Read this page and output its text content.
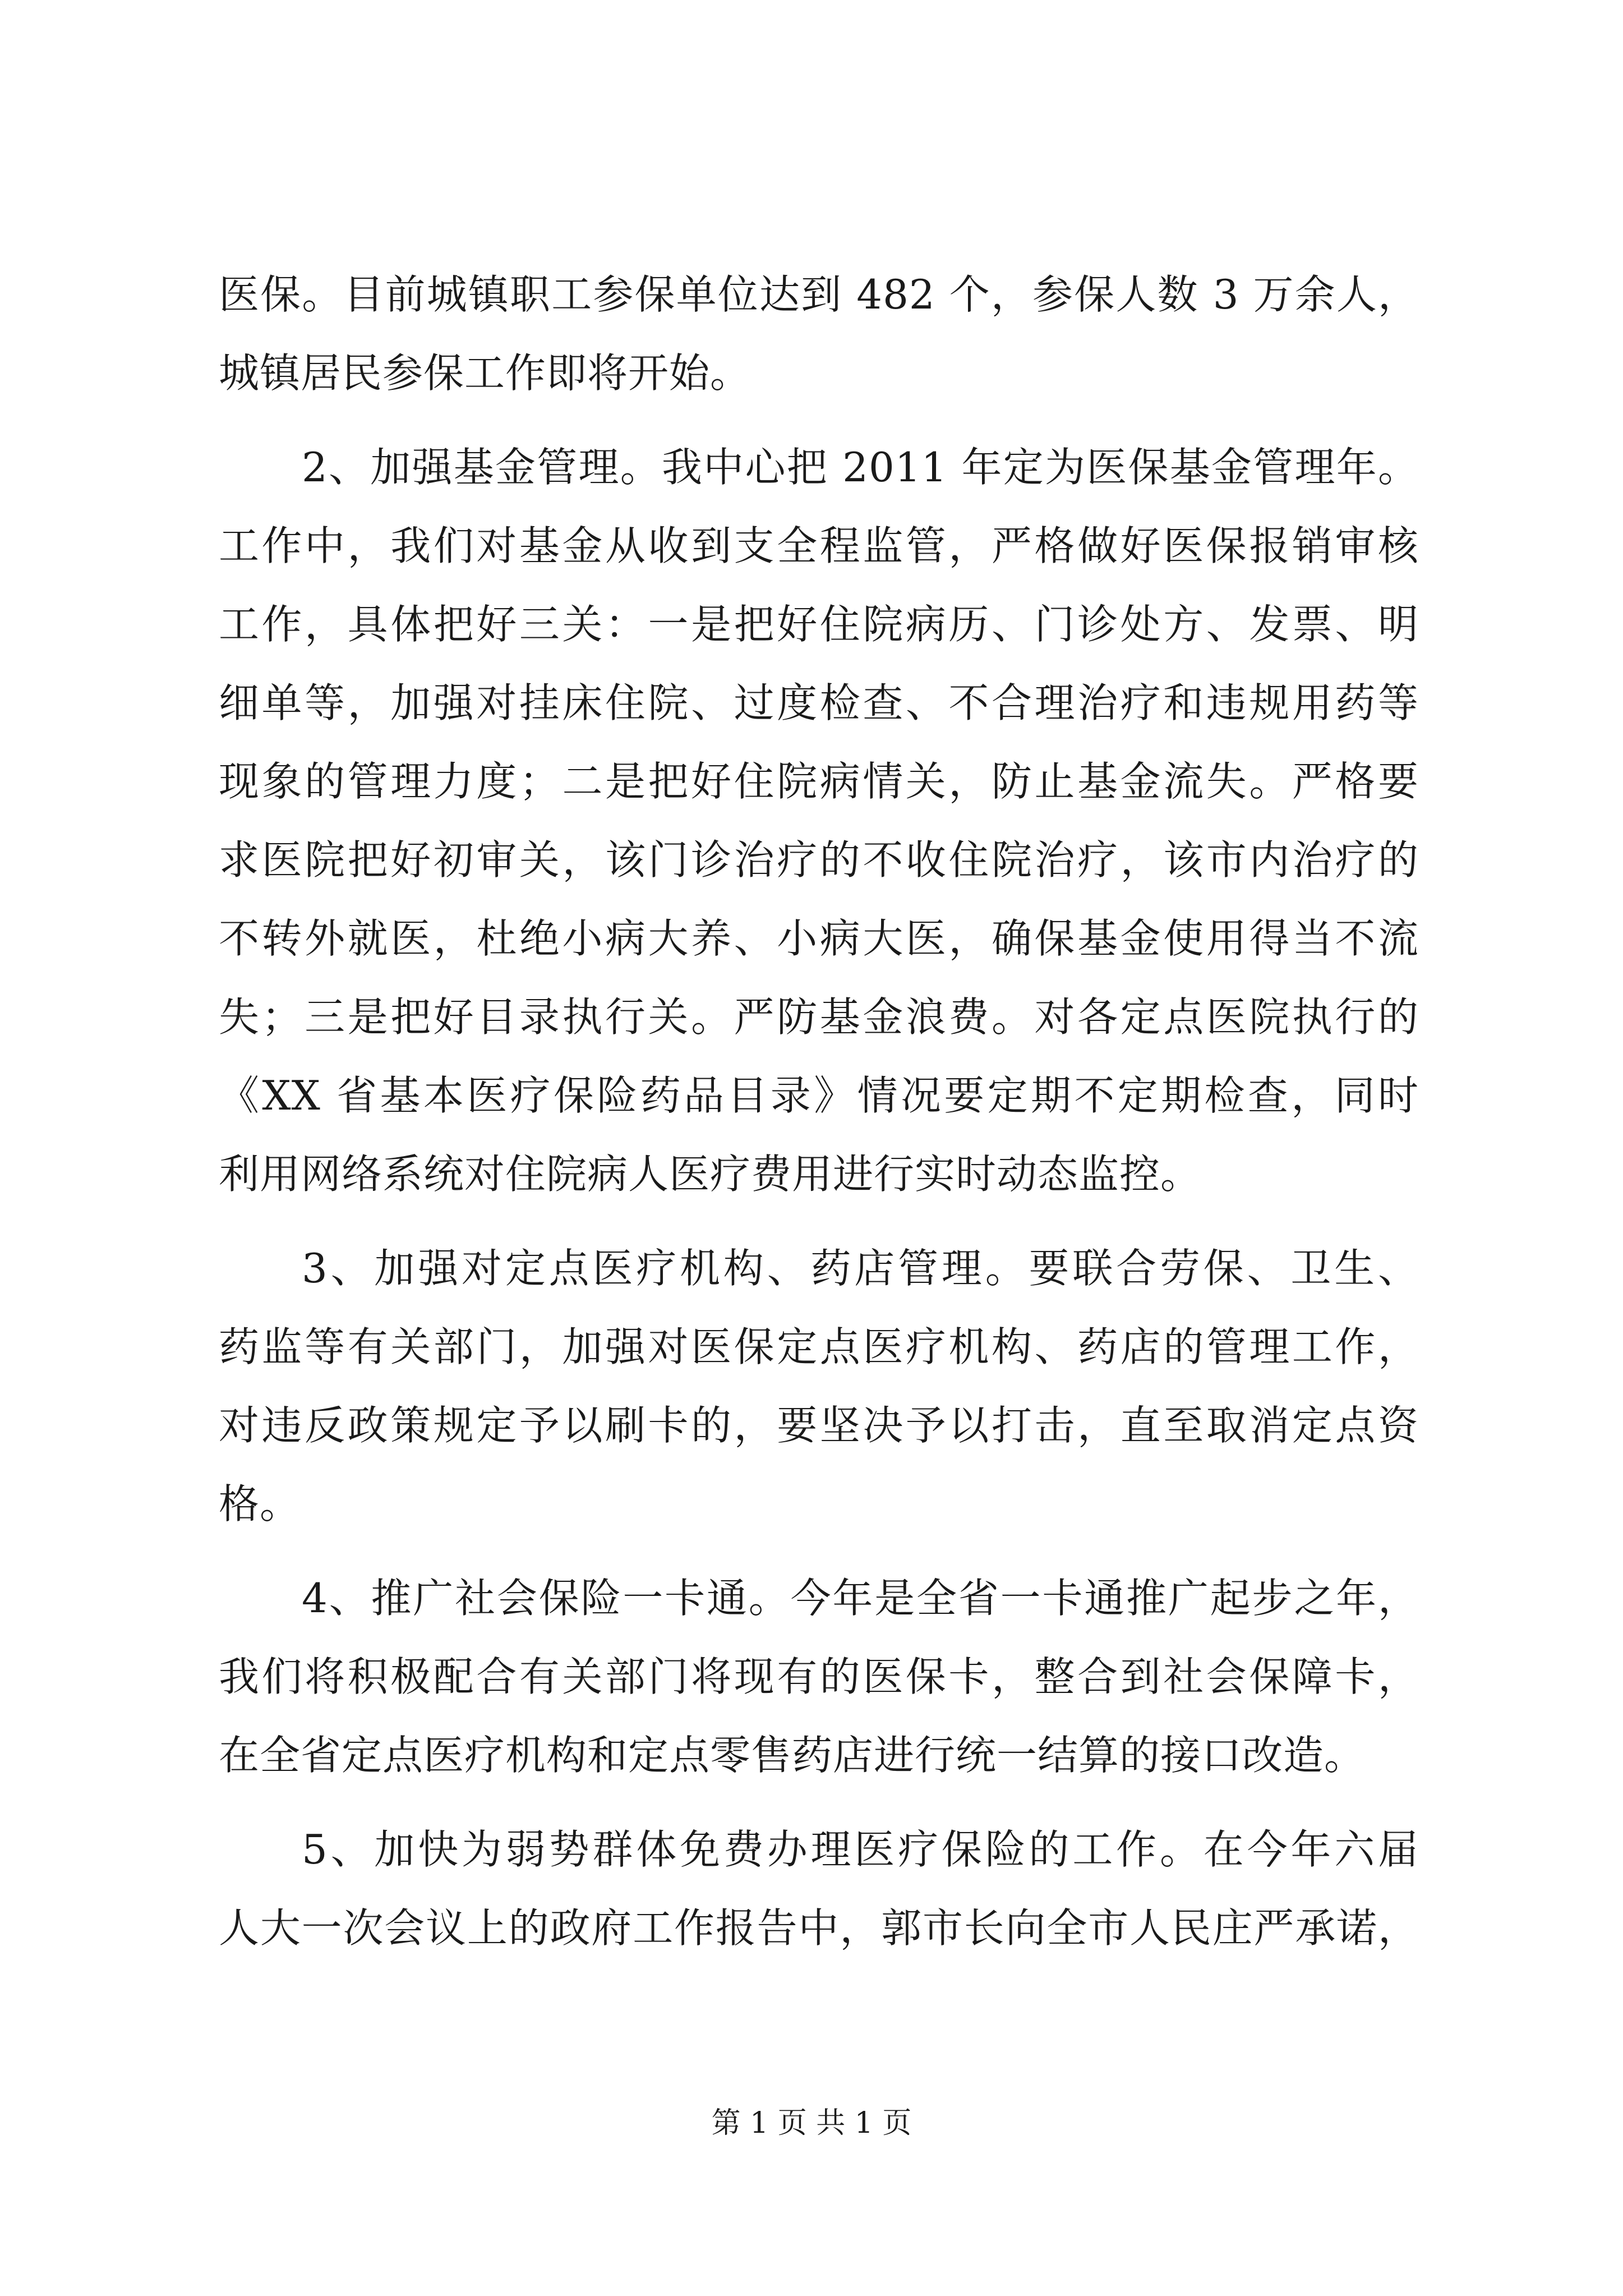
医保。目前城镇职工参保单位达到 482 个，参保人数 3 万余人，
城镇居民参保工作即将开始。
2、加强基金管理。我中心把 2011 年定为医保基金管理年。
工作中，我们对基金从收到支全程监管，严格做好医保报销审核
工作，具体把好三关：一是把好住院病历、门诊处方、发票、明
细单等，加强对挂床住院、过度检查、不合理治疗和违规用药等
现象的管理力度；二是把好住院病情关，防止基金流失。严格要
求医院把好初审关，该门诊治疗的不收住院治疗，该市内治疗的
不转外就医，杜绝小病大养、小病大医，确保基金使用得当不流
失；三是把好目录执行关。严防基金浪费。对各定点医院执行的
《XX 省基本医疗保险药品目录》情况要定期不定期检查，同时
利用网络系统对住院病人医疗费用进行实时动态监控。
3、加强对定点医疗机构、药店管理。要联合劳保、卫生、
药监等有关部门，加强对医保定点医疗机构、药店的管理工作，
对违反政策规定予以刷卡的，要坚决予以打击，直至取消定点资
格。
4、推广社会保险一卡通。今年是全省一卡通推广起步之年，
我们将积极配合有关部门将现有的医保卡，整合到社会保障卡，
在全省定点医疗机构和定点零售药店进行统一结算的接口改造。
5、加快为弱势群体免费办理医疗保险的工作。在今年六届
人大一次会议上的政府工作报告中，郭市长向全市人民庄严承诺，
第 1 页 共 1 页
